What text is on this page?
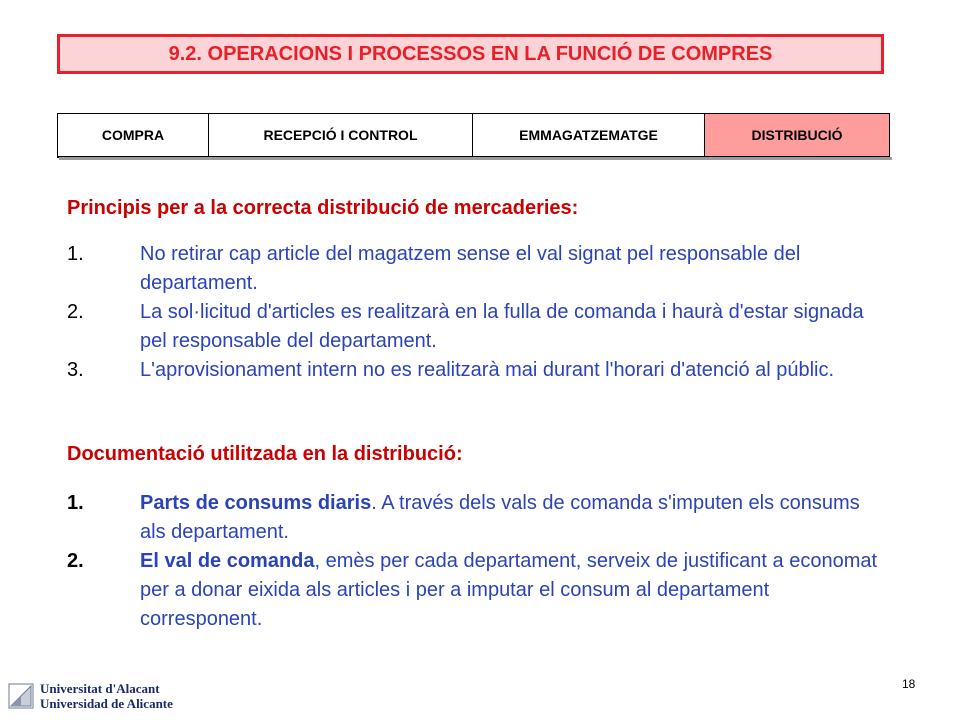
9.2. OPERACIONS I PROCESSOS EN LA FUNCIÓ DE COMPRES
COMPRA	RECEPCIÓ I CONTROL	EMMAGATZEMATGE	DISTRIBUCIÓ
Principis per a la correcta distribució de mercaderies:
1.	No retirar cap article del magatzem sense el val signat pel responsable del departament.
2.	La sol·licitud d'articles es realitzarà en la fulla de comanda i haurà d'estar signada pel responsable del departament.
3.	L'aprovisionament intern no es realitzarà mai durant l'horari d'atenció al públic.
Documentació utilitzada en la distribució:
1.	Parts de consums diaris. A través dels vals de comanda s'imputen els consums als departament.
2.	El val de comanda, emès per cada departament, serveix de justificant a economat per a donar eixida als articles i per a imputar el consum al departament corresponent.
18
Universitat d'Alacant
Universidad de Alicante
